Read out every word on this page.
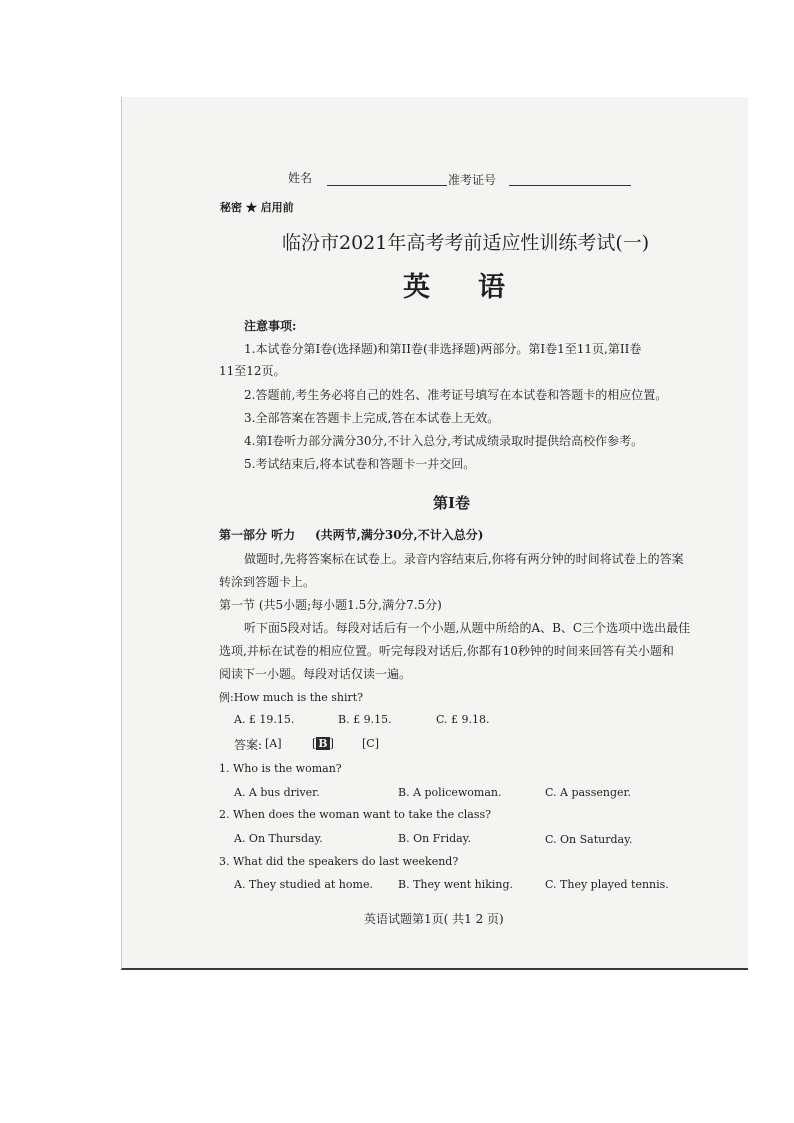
姓名	准考证号
秘密 ★ 启用前
临汾市2021年高考考前适应性训练考试(一)
英语
注意事项:
1.本试卷分第I卷(选择题)和第II卷(非选择题)两部分。第I卷1至11页,第II卷
11至12页。
2.答题前,考生务必将自己的姓名、准考证号填写在本试卷和答题卡的相应位置。
3.全部答案在答题卡上完成,答在本试卷上无效。
4.第I卷听力部分满分30分,不计入总分,考试成绩录取时提供给高校作参考。
5.考试结束后,将本试卷和答题卡一并交回。
第I卷
第一部分 听力 (共两节,满分30分,不计入总分)
做题时,先将答案标在试卷上。录音内容结束后,你将有两分钟的时间将试卷上的答案
转涂到答题卡上。
第一节 (共5小题;每小题1.5分,满分7.5分)
听下面5段对话。每段对话后有一个小题,从题中所给的A、B、C三个选项中选出最佳
选项,并标在试卷的相应位置。听完每段对话后,你都有10秒钟的时间来回答有关小题和
阅读下一小题。每段对话仅读一遍。
例:How much is the shirt?
A. £ 19.15.	B. £ 9.15.	C. £ 9.18.
答案: [A]	[ B ]	[C]
1. Who is the woman?
A. A bus driver.	B. A policewoman.	C. A passenger.
2. When does the woman want to take the class?
A. On Thursday.	B. On Friday.	C. On Saturday.
3. What did the speakers do last weekend?
A. They studied at home. B. They went hiking.	C. They played tennis.
英语试题第1页( 共1 2 页)
